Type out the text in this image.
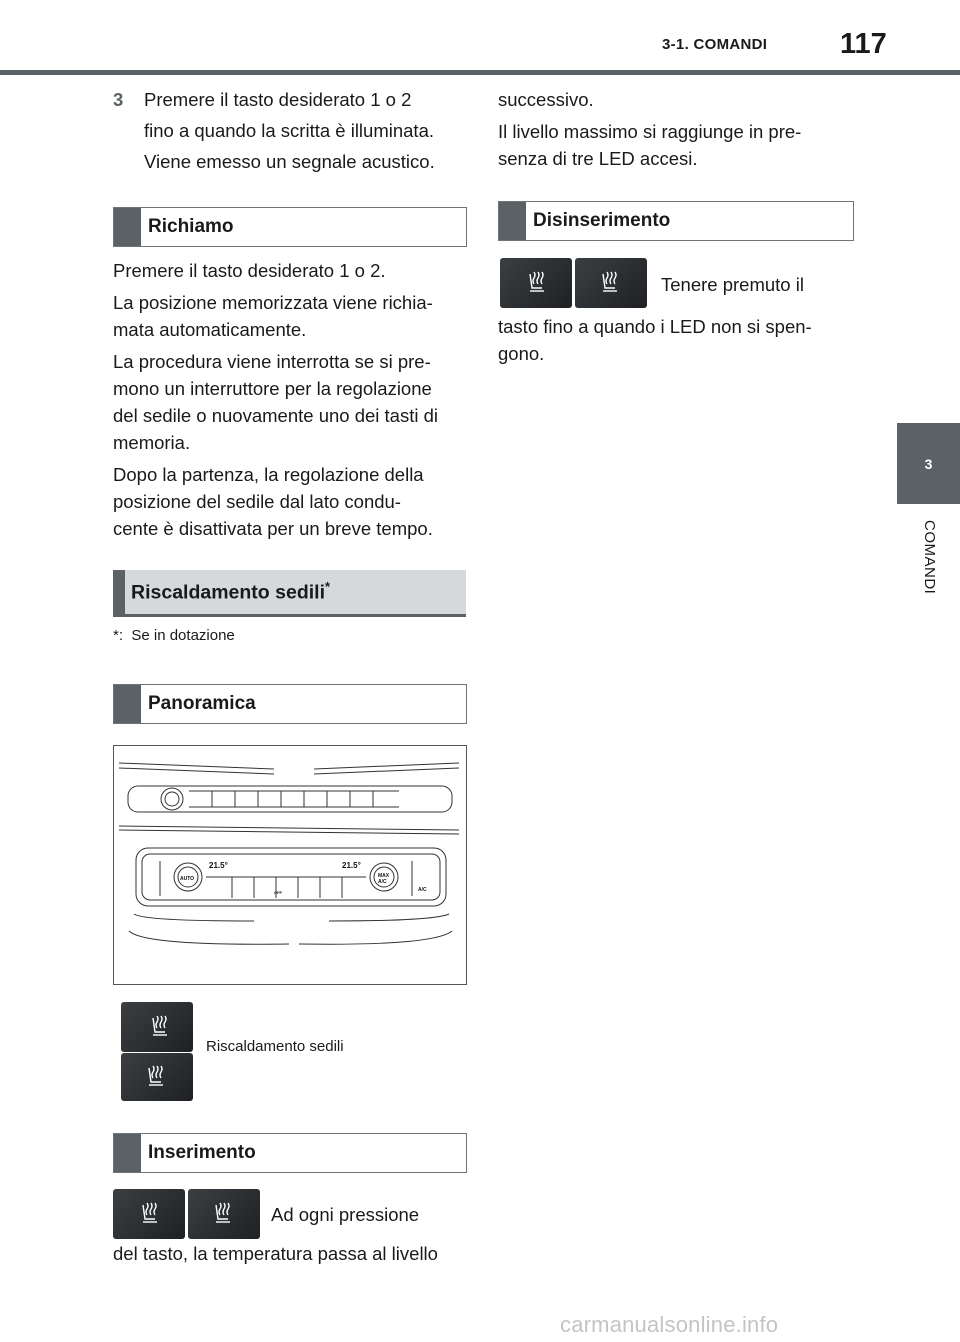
3-1. COMANDI	117
3
COMANDI
3 Premere il tasto desiderato 1 o 2
fino a quando la scritta è illuminata.
Viene emesso un segnale acustico.
Richiamo
Premere il tasto desiderato 1 o 2.
La posizione memorizzata viene richia-
mata automaticamente.
La procedura viene interrotta se si pre-
mono un interruttore per la regolazione
del sedile o nuovamente uno dei tasti di
memoria.
Dopo la partenza, la regolazione della
posizione del sedile dal lato condu-
cente è disattivata per un breve tempo.
Riscaldamento sedili*
*: Se in dotazione
Panoramica
21.5°	21.5°
AUTO	MAX
A/C
A/C
OFF
Riscaldamento sedili
Inserimento
Ad ogni pressione
del tasto, la temperatura passa al livello
successivo.
Il livello massimo si raggiunge in pre-
senza di tre LED accesi.
Disinserimento
Tenere premuto il
tasto fino a quando i LED non si spen-
gono.
carmanualsonline.info
